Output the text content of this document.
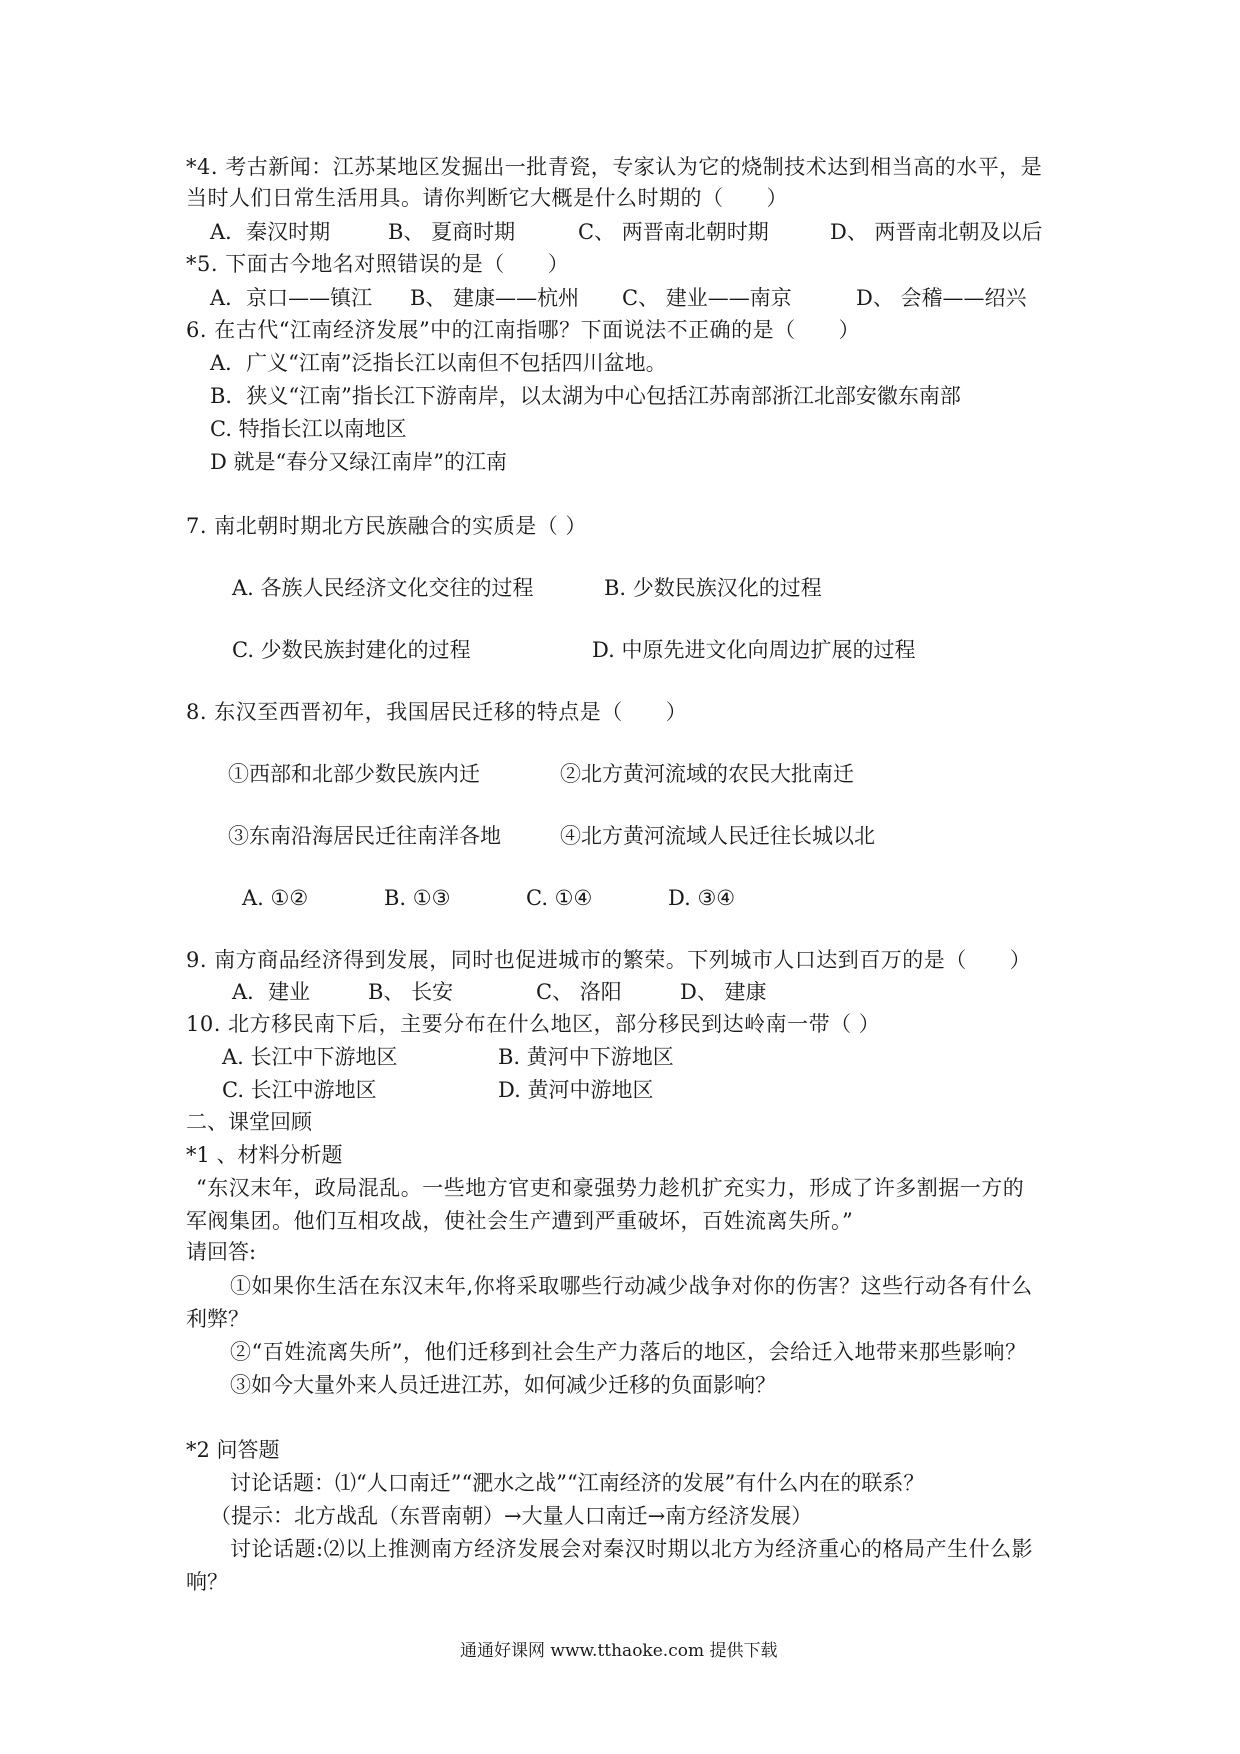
*4. 考古新闻：江苏某地区发掘出一批青瓷，专家认为它的烧制技术达到相当高的水平，是
当时人们日常生活用具。请你判断它大概是什么时期的（　　）
A．秦汉时期	B、 夏商时期	C、 两晋南北朝时期	D、 两晋南北朝及以后
*5. 下面古今地名对照错误的是（　　）
A．京口——镇江 B、 建康——杭州 C、 建业——南京	D、 会稽——绍兴
6. 在古代“江南经济发展”中的江南指哪？下面说法不正确的是（　　）
A．广义“江南”泛指长江以南但不包括四川盆地。
B．狭义“江南”指长江下游南岸，以太湖为中心包括江苏南部浙江北部安徽东南部
C. 特指长江以南地区
D 就是“春分又绿江南岸”的江南
7. 南北朝时期北方民族融合的实质是（ ）
A. 各族人民经济文化交往的过程	B. 少数民族汉化的过程
C. 少数民族封建化的过程	D. 中原先进文化向周边扩展的过程
8. 东汉至西晋初年，我国居民迁移的特点是（　　）
①西部和北部少数民族内迁	②北方黄河流域的农民大批南迁
③东南沿海居民迁往南洋各地	④北方黄河流域人民迁往长城以北
A. ①②	B. ①③	C. ①④	D. ③④
9. 南方商品经济得到发展，同时也促进城市的繁荣。下列城市人口达到百万的是（　　）
A．建业	B、 长安	C、 洛阳	D、 建康
10. 北方移民南下后，主要分布在什么地区，部分移民到达岭南一带（ ）
A. 长江中下游地区	B. 黄河中下游地区
C. 长江中游地区	D. 黄河中游地区
二、课堂回顾
*1 、材料分析题
“东汉末年，政局混乱。一些地方官吏和豪强势力趁机扩充实力，形成了许多割据一方的
军阀集团。他们互相攻战，使社会生产遭到严重破坏，百姓流离失所。”
请回答:
①如果你生活在东汉末年,你将采取哪些行动减少战争对你的伤害？这些行动各有什么
利弊？
②“百姓流离失所”，他们迁移到社会生产力落后的地区，会给迁入地带来那些影响？
③如今大量外来人员迁进江苏，如何减少迁移的负面影响？
*2 问答题
讨论话题：⑴“人口南迁”“淝水之战”“江南经济的发展”有什么内在的联系？
（提示：北方战乱（东晋南朝）→大量人口南迁→南方经济发展）
讨论话题:⑵以上推测南方经济发展会对秦汉时期以北方为经济重心的格局产生什么影
响？
通通好课网 www.tthaoke.com 提供下载
